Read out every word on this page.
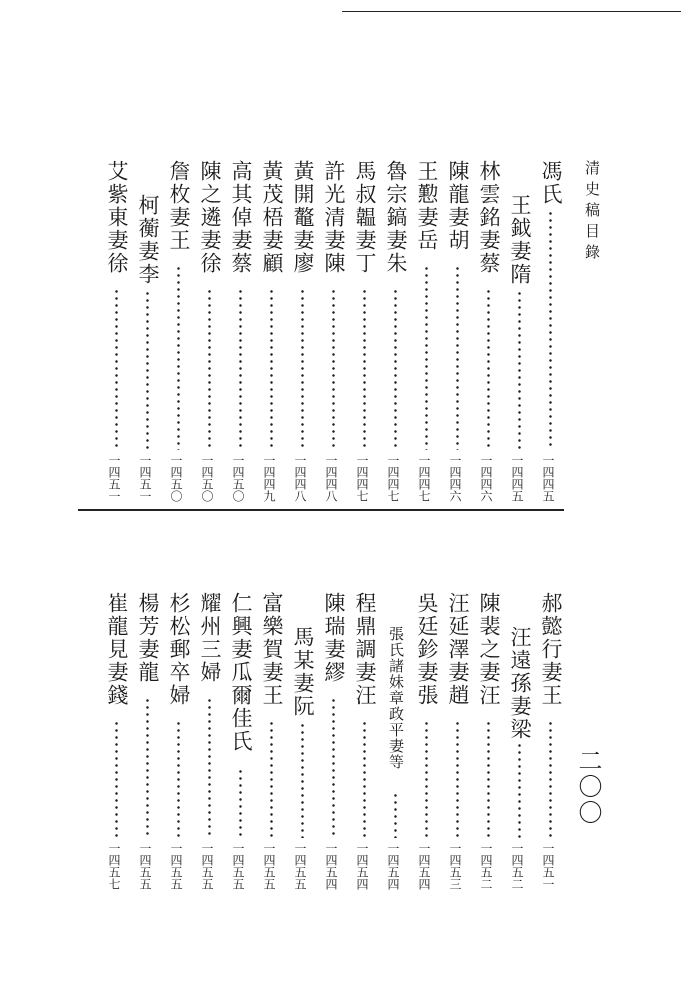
清史稿目錄
二〇〇
馮氏
一四四五
王鉞妻隋
一四四五
林雲銘妻蔡
一四四六
陳龍妻胡
一四四六
王懃妻岳
一四四七
魯宗鎬妻朱
一四四七
馬叔韞妻丁
一四四七
許光清妻陳
一四四八
黃開鼇妻廖
一四四八
黃茂梧妻顧
一四四九
高其倬妻蔡
一四五〇
陳之遴妻徐
一四五〇
詹枚妻王
一四五〇
柯蘅妻李
一四五一
艾紫東妻徐
一四五一
郝懿行妻王
一四五一
汪遠孫妻梁
一四五二
陳裴之妻汪
一四五二
汪延澤妻趙
一四五三
吳廷鉁妻張
一四五四
張氏諸妹章政平妻等
一四五四
程鼎調妻汪
一四五四
陳瑞妻繆
一四五四
馬某妻阮
一四五五
富樂賀妻王
一四五五
仁興妻瓜爾佳氏
一四五五
耀州三婦
一四五五
杉松郵卒婦
一四五五
楊芳妻龍
一四五五
崔龍見妻錢
一四五七
